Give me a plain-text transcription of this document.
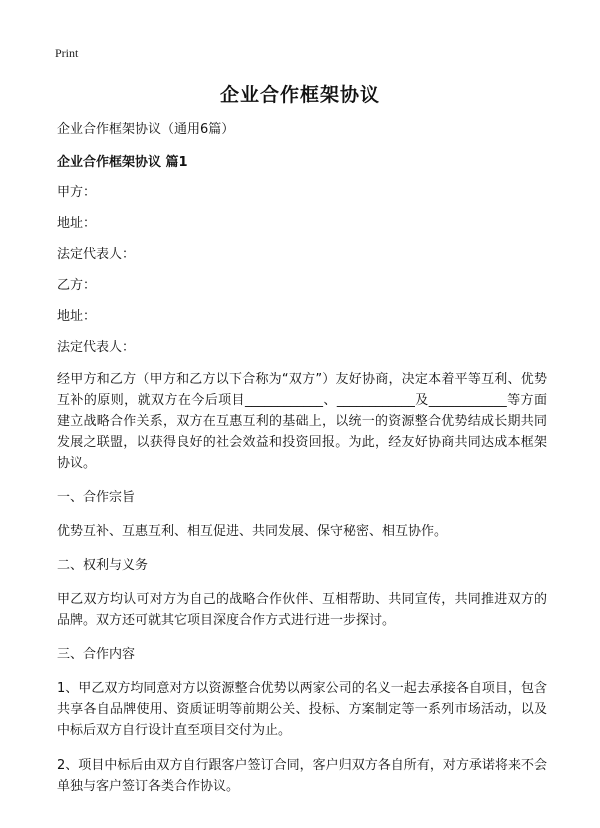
Print
企业合作框架协议

企业合作框架协议（通用6篇）

企业合作框架协议 篇1

甲方：

地址：

法定代表人：

乙方：

地址：

法定代表人：

经甲方和乙方（甲方和乙方以下合称为“双方”）友好协商，决定本着平等互利、优势互补的原则，就双方在今后项目____________、____________及____________等方面建立战略合作关系，双方在互惠互利的基础上，以统一的资源整合优势结成长期共同发展之联盟，以获得良好的社会效益和投资回报。为此，经友好协商共同达成本框架协议。

一、合作宗旨

优势互补、互惠互利、相互促进、共同发展、保守秘密、相互协作。

二、权利与义务

甲乙双方均认可对方为自己的战略合作伙伴、互相帮助、共同宣传，共同推进双方的品牌。双方还可就其它项目深度合作方式进行进一步探讨。

三、合作内容

1、甲乙双方均同意对方以资源整合优势以两家公司的名义一起去承接各自项目，包含共享各自品牌使用、资质证明等前期公关、投标、方案制定等一系列市场活动，以及中标后双方自行设计直至项目交付为止。

2、项目中标后由双方自行跟客户签订合同，客户归双方各自所有，对方承诺将来不会单独与客户签订各类合作协议。
